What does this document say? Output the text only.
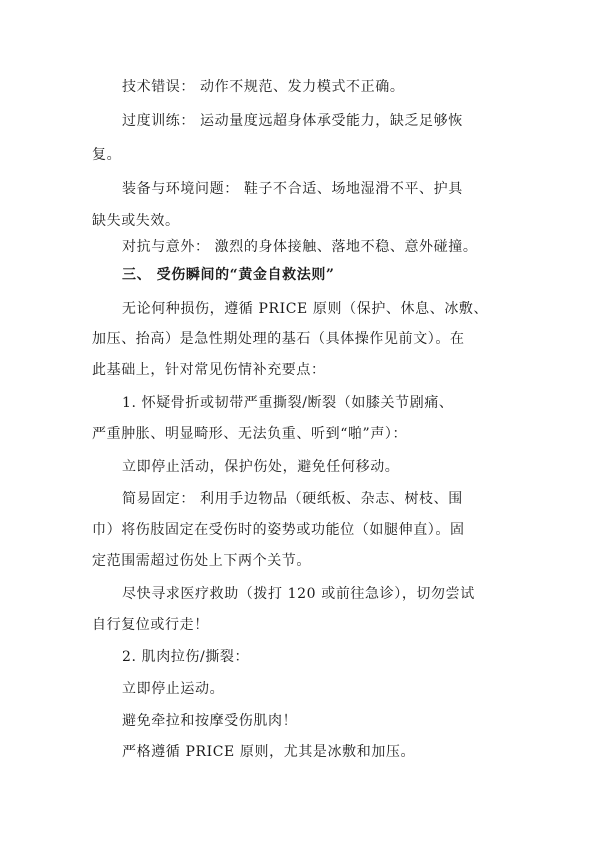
技术错误： 动作不规范、发力模式不正确。
过度训练： 运动量度远超身体承受能力，缺乏足够恢
复。
装备与环境问题： 鞋子不合适、场地湿滑不平、护具
缺失或失效。
对抗与意外： 激烈的身体接触、落地不稳、意外碰撞。
三、 受伤瞬间的“黄金自救法则”
无论何种损伤，遵循 PRICE 原则（保护、休息、冰敷、
加压、抬高）是急性期处理的基石（具体操作见前文）。在
此基础上，针对常见伤情补充要点：
1. 怀疑骨折或韧带严重撕裂/断裂（如膝关节剧痛、
严重肿胀、明显畸形、无法负重、听到“啪”声）：
立即停止活动，保护伤处，避免任何移动。
简易固定： 利用手边物品（硬纸板、杂志、树枝、围
巾）将伤肢固定在受伤时的姿势或功能位（如腿伸直）。固
定范围需超过伤处上下两个关节。
尽快寻求医疗救助（拨打 120 或前往急诊），切勿尝试
自行复位或行走！
2. 肌肉拉伤/撕裂：
立即停止运动。
避免牵拉和按摩受伤肌肉！
严格遵循 PRICE 原则，尤其是冰敷和加压。
